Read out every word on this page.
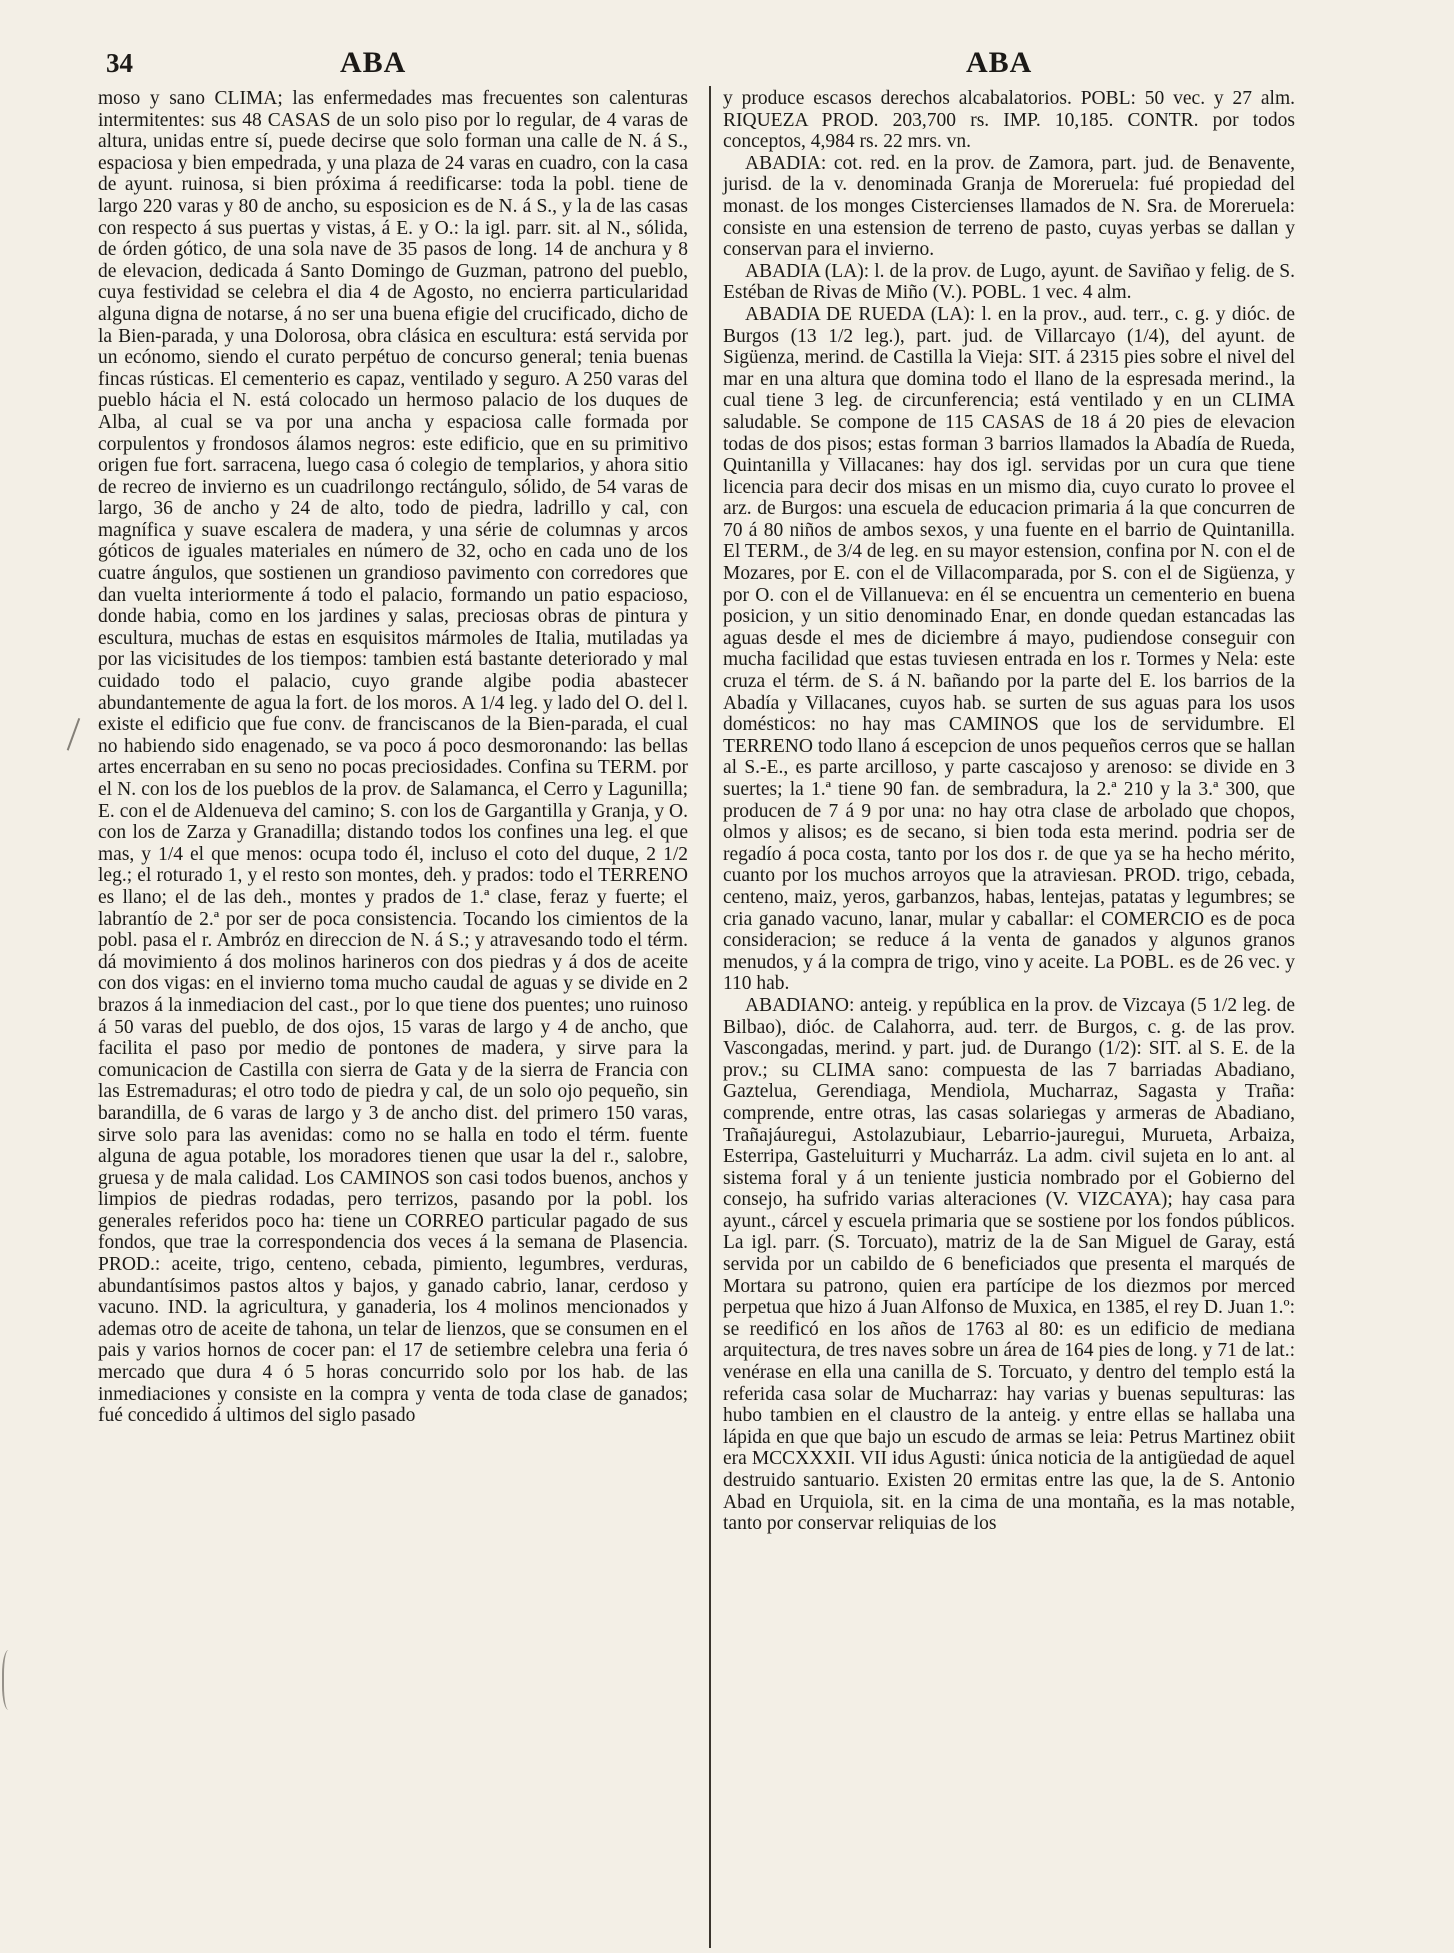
34	ABA	ABA

moso y sano CLIMA; las enfermedades mas frecuentes son calenturas intermitentes: sus 48 CASAS de un solo piso por lo regular, de 4 varas de altura, unidas entre sí, puede decirse que solo forman una calle de N. á S., espaciosa y bien empedrada, y una plaza de 24 varas en cuadro, con la casa de ayunt. ruinosa, si bien próxima á reedificarse: toda la pobl. tiene de largo 220 varas y 80 de ancho, su esposicion es de N. á S., y la de las casas con respecto á sus puertas y vistas, á E. y O.: la igl. parr. sit. al N., sólida, de órden gótico, de una sola nave de 35 pasos de long. 14 de anchura y 8 de elevacion, dedicada á Santo Domingo de Guzman, patrono del pueblo, cuya festividad se celebra el dia 4 de Agosto, no encierra particularidad alguna digna de notarse, á no ser una buena efigie del crucificado, dicho de la Bien-parada, y una Dolorosa, obra clásica en escultura: está servida por un ecónomo, siendo el curato perpétuo de concurso general; tenia buenas fincas rústicas. El cementerio es capaz, ventilado y seguro. A 250 varas del pueblo hácia el N. está colocado un hermoso palacio de los duques de Alba, al cual se va por una ancha y espaciosa calle formada por corpulentos y frondosos álamos negros: este edificio, que en su primitivo origen fue fort. sarracena, luego casa ó colegio de templarios, y ahora sitio de recreo de invierno es un cuadrilongo rectángulo, sólido, de 54 varas de largo, 36 de ancho y 24 de alto, todo de piedra, ladrillo y cal, con magnífica y suave escalera de madera, y una série de columnas y arcos góticos de iguales materiales en número de 32, ocho en cada uno de los cuatre ángulos, que sostienen un grandioso pavimento con corredores que dan vuelta interiormente á todo el palacio, formando un patio espacioso, donde habia, como en los jardines y salas, preciosas obras de pintura y escultura, muchas de estas en esquisitos mármoles de Italia, mutiladas ya por las vicisitudes de los tiempos: tambien está bastante deteriorado y mal cuidado todo el palacio, cuyo grande algibe podia abastecer abundantemente de agua la fort. de los moros. A 1/4 leg. y lado del O. del l. existe el edificio que fue conv. de franciscanos de la Bien-parada, el cual no habiendo sido enagenado, se va poco á poco desmoronando: las bellas artes encerraban en su seno no pocas preciosidades. Confina su TERM. por el N. con los de los pueblos de la prov. de Salamanca, el Cerro y Lagunilla; E. con el de Aldenueva del camino; S. con los de Gargantilla y Granja, y O. con los de Zarza y Granadilla; distando todos los confines una leg. el que mas, y 1/4 el que menos: ocupa todo él, incluso el coto del duque, 2 1/2 leg.; el roturado 1, y el resto son montes, deh. y prados: todo el TERRENO es llano; el de las deh., montes y prados de 1.ª clase, feraz y fuerte; el labrantío de 2.ª por ser de poca consistencia. Tocando los cimientos de la pobl. pasa el r. Ambróz en direccion de N. á S.; y atravesando todo el térm. dá movimiento á dos molinos harineros con dos piedras y á dos de aceite con dos vigas: en el invierno toma mucho caudal de aguas y se divide en 2 brazos á la inmediacion del cast., por lo que tiene dos puentes; uno ruinoso á 50 varas del pueblo, de dos ojos, 15 varas de largo y 4 de ancho, que facilita el paso por medio de pontones de madera, y sirve para la comunicacion de Castilla con sierra de Gata y de la sierra de Francia con las Estremaduras; el otro todo de piedra y cal, de un solo ojo pequeño, sin barandilla, de 6 varas de largo y 3 de ancho dist. del primero 150 varas, sirve solo para las avenidas: como no se halla en todo el térm. fuente alguna de agua potable, los moradores tienen que usar la del r., salobre, gruesa y de mala calidad. Los CAMINOS son casi todos buenos, anchos y limpios de piedras rodadas, pero terrizos, pasando por la pobl. los generales referidos poco ha: tiene un CORREO particular pagado de sus fondos, que trae la correspondencia dos veces á la semana de Plasencia. PROD.: aceite, trigo, centeno, cebada, pimiento, legumbres, verduras, abundantísimos pastos altos y bajos, y ganado cabrio, lanar, cerdoso y vacuno. IND. la agricultura, y ganaderia, los 4 molinos mencionados y ademas otro de aceite de tahona, un telar de lienzos, que se consumen en el pais y varios hornos de cocer pan: el 17 de setiembre celebra una feria ó mercado que dura 4 ó 5 horas concurrido solo por los hab. de las inmediaciones y consiste en la compra y venta de toda clase de ganados; fué concedido á ultimos del siglo pasado

y produce escasos derechos alcabalatorios. POBL: 50 vec. y 27 alm. RIQUEZA PROD. 203,700 rs. IMP. 10,185. CONTR. por todos conceptos, 4,984 rs. 22 mrs. vn.

ABADIA: cot. red. en la prov. de Zamora, part. jud. de Benavente, jurisd. de la v. denominada Granja de Moreruela: fué propiedad del monast. de los monges Cistercienses llamados de N. Sra. de Moreruela: consiste en una estension de terreno de pasto, cuyas yerbas se dallan y conservan para el invierno.

ABADIA (LA): l. de la prov. de Lugo, ayunt. de Saviñao y felig. de S. Estéban de Rivas de Miño (V.). POBL. 1 vec. 4 alm.

ABADIA DE RUEDA (LA): l. en la prov., aud. terr., c. g. y dióc. de Burgos (13 1/2 leg.), part. jud. de Villarcayo (1/4), del ayunt. de Sigüenza, merind. de Castilla la Vieja: SIT. á 2315 pies sobre el nivel del mar en una altura que domina todo el llano de la espresada merind., la cual tiene 3 leg. de circunferencia; está ventilado y en un CLIMA saludable. Se compone de 115 CASAS de 18 á 20 pies de elevacion todas de dos pisos; estas forman 3 barrios llamados la Abadía de Rueda, Quintanilla y Villacanes: hay dos igl. servidas por un cura que tiene licencia para decir dos misas en un mismo dia, cuyo curato lo provee el arz. de Burgos: una escuela de educacion primaria á la que concurren de 70 á 80 niños de ambos sexos, y una fuente en el barrio de Quintanilla. El TERM., de 3/4 de leg. en su mayor estension, confina por N. con el de Mozares, por E. con el de Villacomparada, por S. con el de Sigüenza, y por O. con el de Villanueva: en él se encuentra un cementerio en buena posicion, y un sitio denominado Enar, en donde quedan estancadas las aguas desde el mes de diciembre á mayo, pudiendose conseguir con mucha facilidad que estas tuviesen entrada en los r. Tormes y Nela: este cruza el térm. de S. á N. bañando por la parte del E. los barrios de la Abadía y Villacanes, cuyos hab. se surten de sus aguas para los usos domésticos: no hay mas CAMINOS que los de servidumbre. El TERRENO todo llano á escepcion de unos pequeños cerros que se hallan al S.-E., es parte arcilloso, y parte cascajoso y arenoso: se divide en 3 suertes; la 1.ª tiene 90 fan. de sembradura, la 2.ª 210 y la 3.ª 300, que producen de 7 á 9 por una: no hay otra clase de arbolado que chopos, olmos y alisos; es de secano, si bien toda esta merind. podria ser de regadío á poca costa, tanto por los dos r. de que ya se ha hecho mérito, cuanto por los muchos arroyos que la atraviesan. PROD. trigo, cebada, centeno, maiz, yeros, garbanzos, habas, lentejas, patatas y legumbres; se cria ganado vacuno, lanar, mular y caballar: el COMERCIO es de poca consideracion; se reduce á la venta de ganados y algunos granos menudos, y á la compra de trigo, vino y aceite. La POBL. es de 26 vec. y 110 hab.

ABADIANO: anteig. y república en la prov. de Vizcaya (5 1/2 leg. de Bilbao), dióc. de Calahorra, aud. terr. de Burgos, c. g. de las prov. Vascongadas, merind. y part. jud. de Durango (1/2): SIT. al S. E. de la prov.; su CLIMA sano: compuesta de las 7 barriadas Abadiano, Gaztelua, Gerendiaga, Mendiola, Mucharraz, Sagasta y Traña: comprende, entre otras, las casas solariegas y armeras de Abadiano, Trañajáuregui, Astolazubiaur, Lebarrio-jauregui, Murueta, Arbaiza, Esterripa, Gasteluiturri y Mucharráz. La adm. civil sujeta en lo ant. al sistema foral y á un teniente justicia nombrado por el Gobierno del consejo, ha sufrido varias alteraciones (V. VIZCAYA); hay casa para ayunt., cárcel y escuela primaria que se sostiene por los fondos públicos. La igl. parr. (S. Torcuato), matriz de la de San Miguel de Garay, está servida por un cabildo de 6 beneficiados que presenta el marqués de Mortara su patrono, quien era partícipe de los diezmos por merced perpetua que hizo á Juan Alfonso de Muxica, en 1385, el rey D. Juan 1.º: se reedificó en los años de 1763 al 80: es un edificio de mediana arquitectura, de tres naves sobre un área de 164 pies de long. y 71 de lat.: venérase en ella una canilla de S. Torcuato, y dentro del templo está la referida casa solar de Mucharraz: hay varias y buenas sepulturas: las hubo tambien en el claustro de la anteig. y entre ellas se hallaba una lápida en que que bajo un escudo de armas se leia: Petrus Martinez obiit era MCCXXXII. VII idus Agusti: única noticia de la antigüedad de aquel destruido santuario. Existen 20 ermitas entre las que, la de S. Antonio Abad en Urquiola, sit. en la cima de una montaña, es la mas notable, tanto por conservar reliquias de los
